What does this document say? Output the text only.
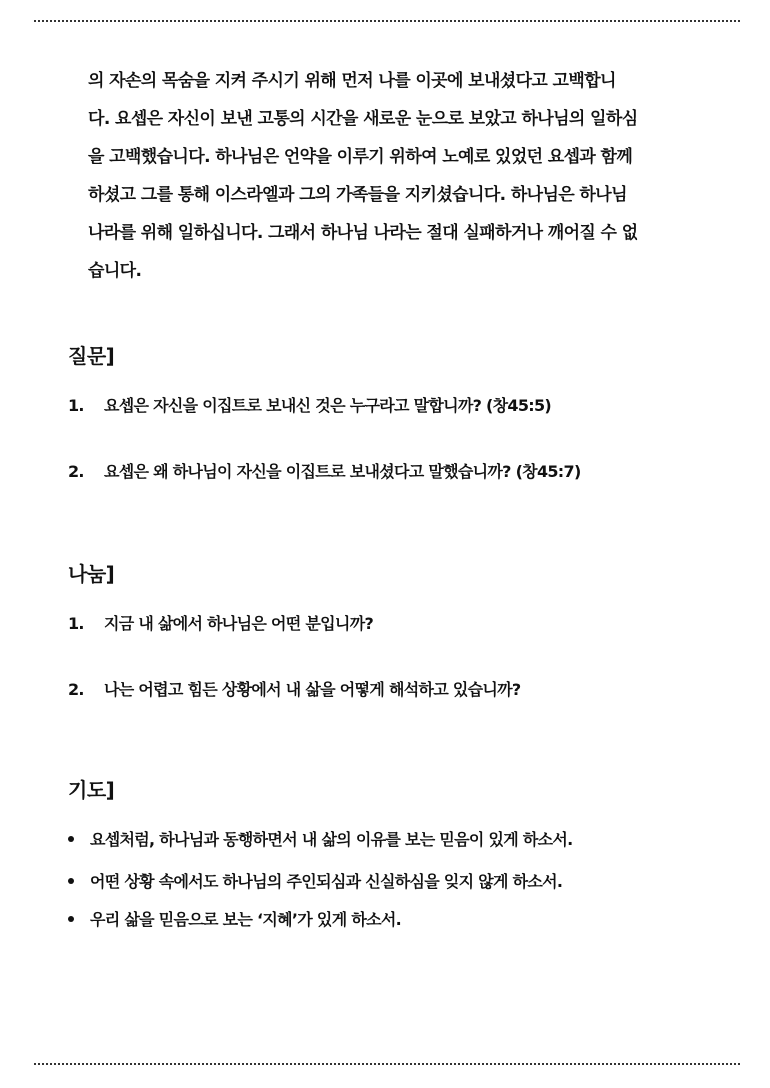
의 자손의 목숨을 지켜 주시기 위해 먼저 나를 이곳에 보내셨다고 고백합니
다. 요셉은 자신이 보낸 고통의 시간을 새로운 눈으로 보았고 하나님의 일하심
을 고백했습니다. 하나님은 언약을 이루기 위하여 노예로 있었던 요셉과 함께
하셨고 그를 통해 이스라엘과 그의 가족들을 지키셨습니다. 하나님은 하나님
나라를 위해 일하십니다. 그래서 하나님 나라는 절대 실패하거나 깨어질 수 없
습니다.
질문]
1. 요셉은 자신을 이집트로 보내신 것은 누구라고 말합니까? (창45:5)
2. 요셉은 왜 하나님이 자신을 이집트로 보내셨다고 말했습니까? (창45:7)
나눔]
1. 지금 내 삶에서 하나님은 어떤 분입니까?
2. 나는 어렵고 힘든 상황에서 내 삶을 어떻게 해석하고 있습니까?
기도]
요셉처럼, 하나님과 동행하면서 내 삶의 이유를 보는 믿음이 있게 하소서.
어떤 상황 속에서도 하나님의 주인되심과 신실하심을 잊지 않게 하소서.
우리 삶을 믿음으로 보는 ‘지혜’가 있게 하소서.
